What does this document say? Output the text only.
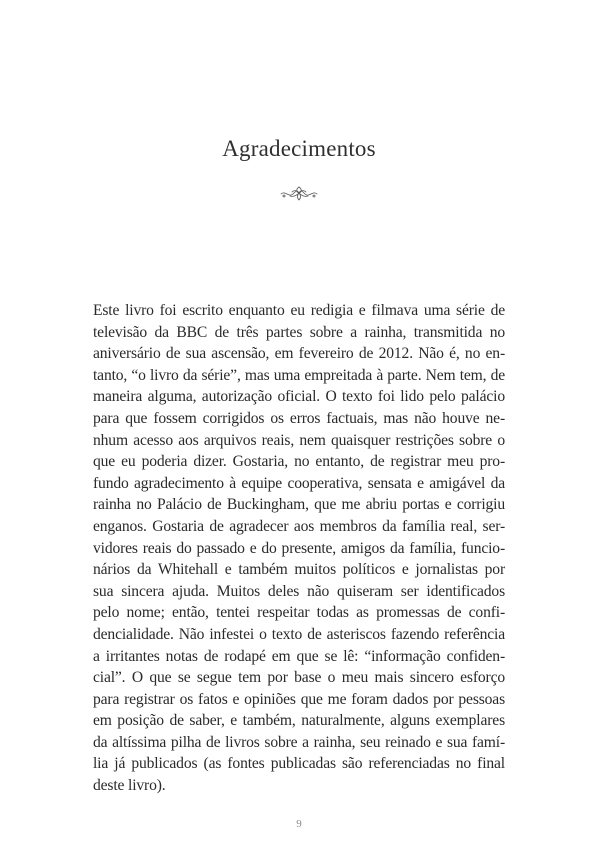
Agradecimentos
Este livro foi escrito enquanto eu redigia e filmava uma série de
televisão da BBC de três partes sobre a rainha, transmitida no
aniversário de sua ascensão, em fevereiro de 2012. Não é, no en-
tanto, “o livro da série”, mas uma empreitada à parte. Nem tem, de
maneira alguma, autorização oficial. O texto foi lido pelo palácio
para que fossem corrigidos os erros factuais, mas não houve ne-
nhum acesso aos arquivos reais, nem quaisquer restrições sobre o
que eu poderia dizer. Gostaria, no entanto, de registrar meu pro-
fundo agradecimento à equipe cooperativa, sensata e amigável da
rainha no Palácio de Buckingham, que me abriu portas e corrigiu
enganos. Gostaria de agradecer aos membros da família real, ser-
vidores reais do passado e do presente, amigos da família, funcio-
nários da Whitehall e também muitos políticos e jornalistas por
sua sincera ajuda. Muitos deles não quiseram ser identificados
pelo nome; então, tentei respeitar todas as promessas de confi-
dencialidade. Não infestei o texto de asteriscos fazendo referência
a irritantes notas de rodapé em que se lê: “informação confiden-
cial”. O que se segue tem por base o meu mais sincero esforço
para registrar os fatos e opiniões que me foram dados por pessoas
em posição de saber, e também, naturalmente, alguns exemplares
da altíssima pilha de livros sobre a rainha, seu reinado e sua famí-
lia já publicados (as fontes publicadas são referenciadas no final
deste livro).
9
